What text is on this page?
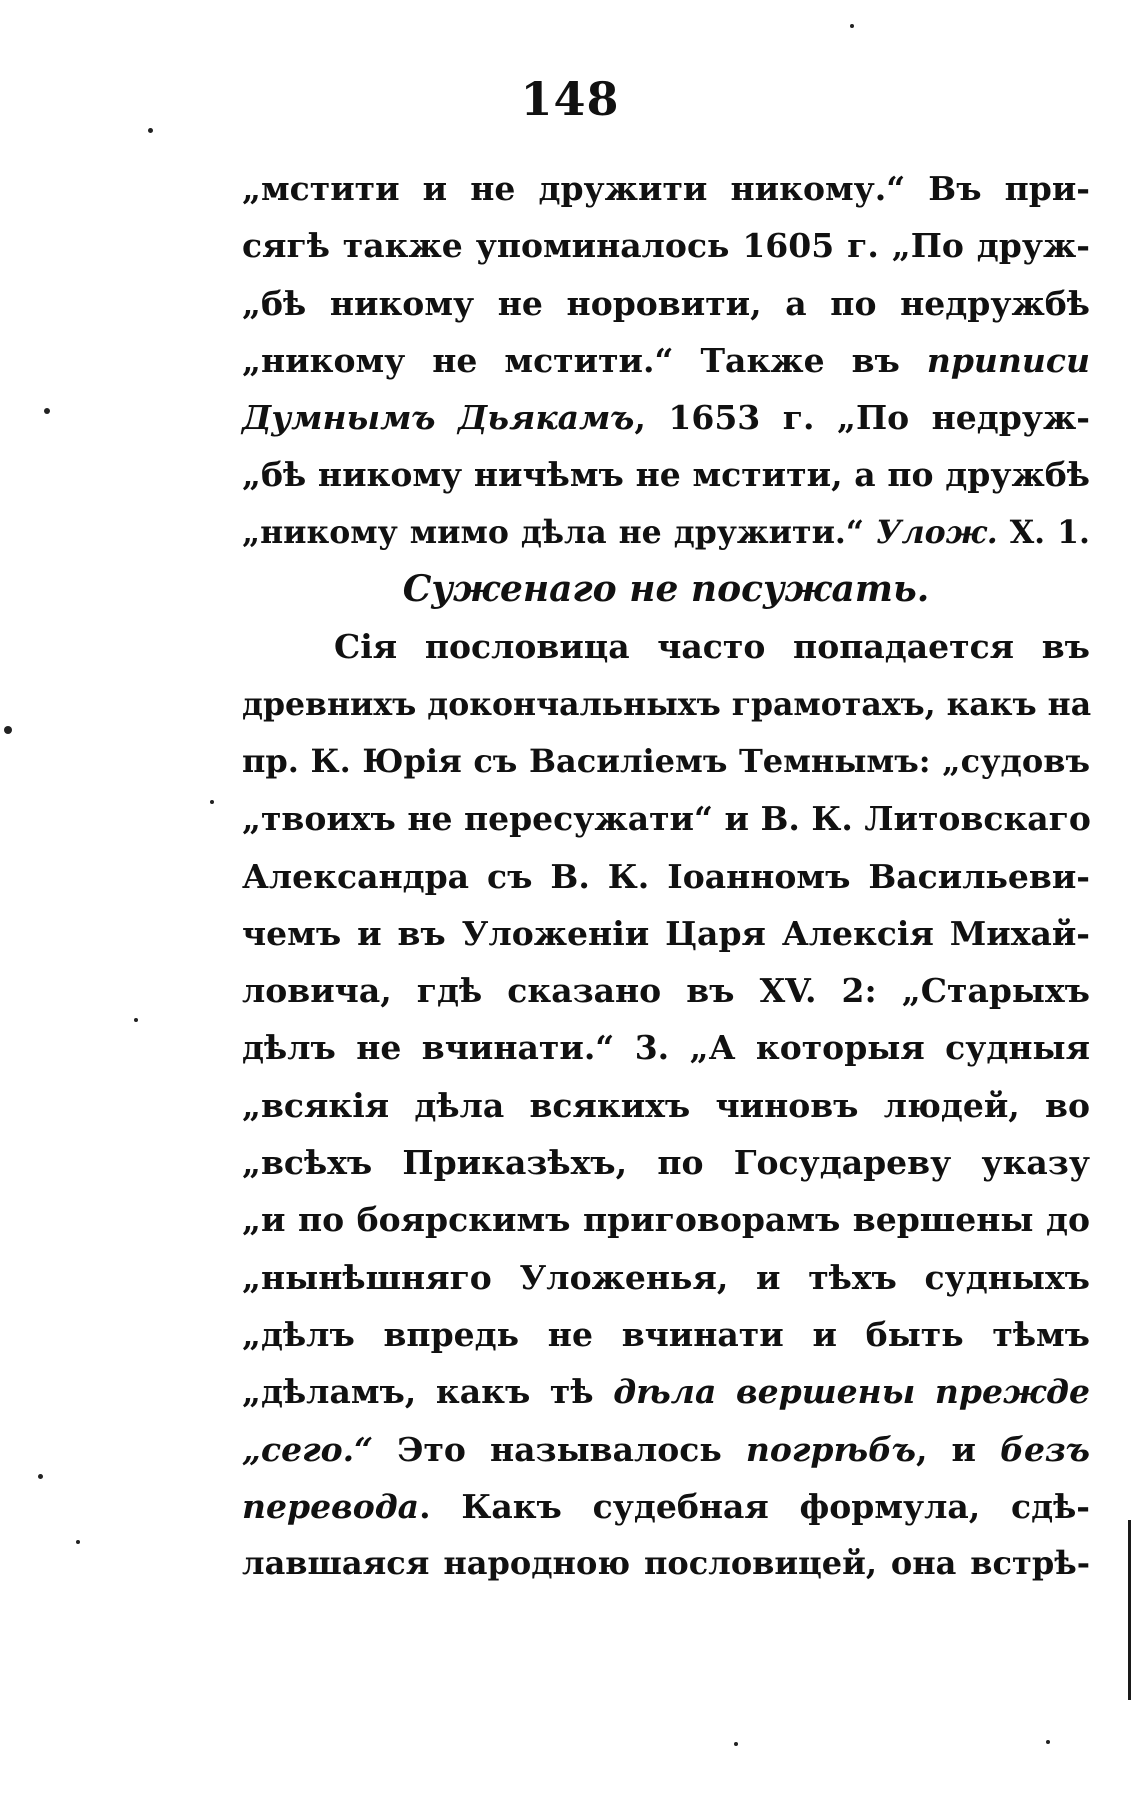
148
„мстити и не дружити никому.“ Въ при-
сягѣ также упоминалось 1605 г. „По друж-
„бѣ никому не норовити, а по недружбѣ
„никому не мстити.“ Также въ приписи
Думнымъ Дьякамъ, 1653 г. „По недруж-
„бѣ никому ничѣмъ не мстити, а по дружбѣ
„никому мимо дѣла не дружити.“ Улож. X. 1.
Суженаго не посужать.
Сія пословица часто попадается въ
древнихъ докончальныхъ грамотахъ, какъ на
пр. К. Юрія съ Василіемъ Темнымъ: „судовъ
„твоихъ не пересужати“ и В. К. Литовскаго
Александра съ В. К. Іоанномъ Васильеви-
чемъ и въ Уложеніи Царя Алексія Михай-
ловича, гдѣ сказано въ XV. 2: „Старыхъ
дѣлъ не вчинати.“ 3. „А которыя судныя
„всякія дѣла всякихъ чиновъ людей, во
„всѣхъ Приказѣхъ, по Государеву указу
„и по боярскимъ приговорамъ вершены до
„нынѣшняго Уложенья, и тѣхъ судныхъ
„дѣлъ впредь не вчинати и быть тѣмъ
„дѣламъ, какъ тѣ дѣла вершены прежде
„сего.“ Это называлось погрѣбъ, и безъ
перевода. Какъ судебная формула, сдѣ-
лавшаяся народною пословицей, она встрѣ-
